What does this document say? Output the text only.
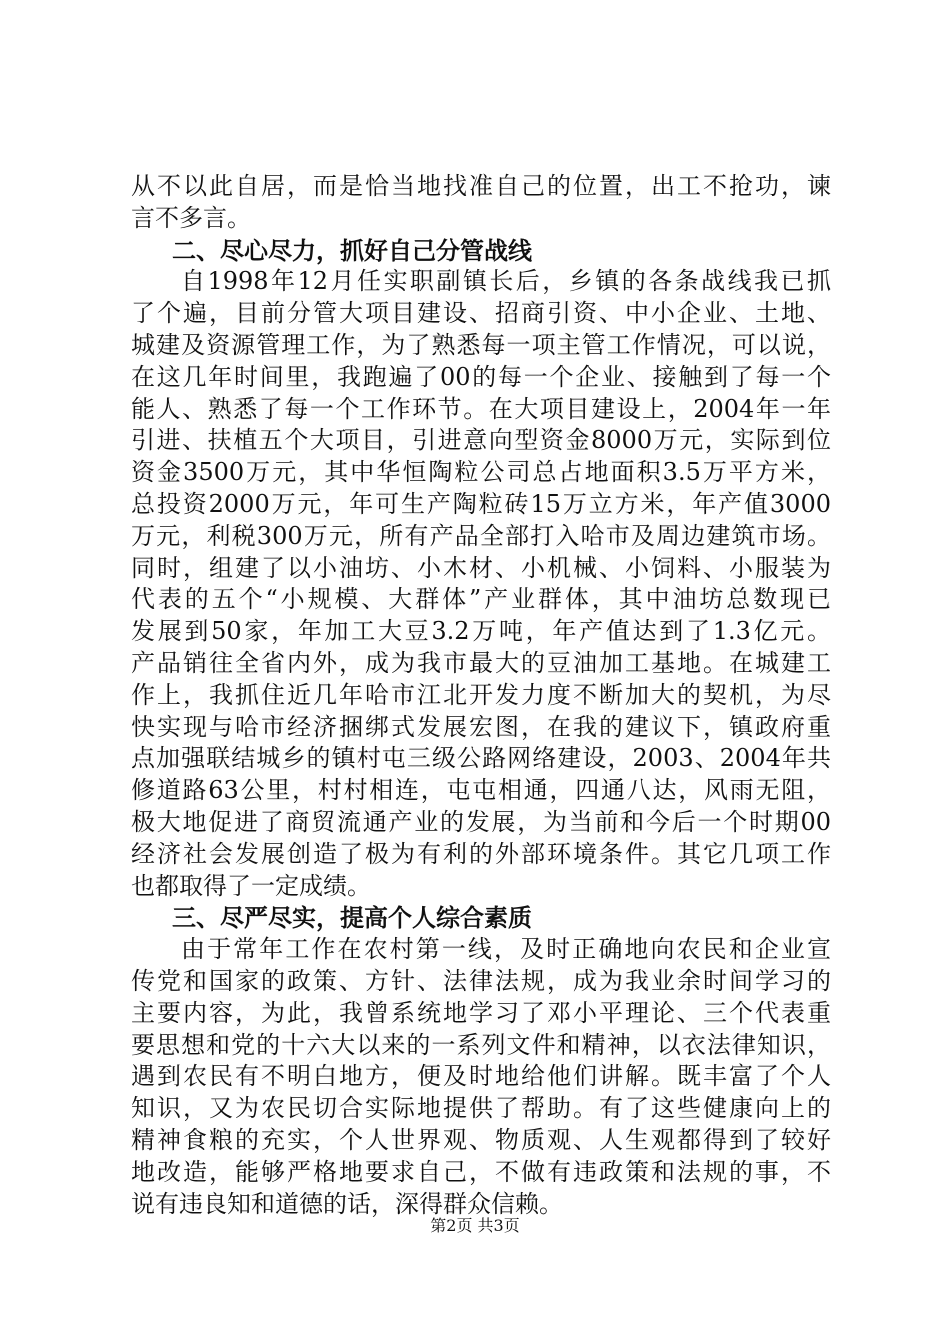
从不以此自居，而是恰当地找准自己的位置，出工不抢功，谏
言不多言。
二、尽心尽力，抓好自己分管战线
自1998年12月任实职副镇长后，乡镇的各条战线我已抓
了个遍，目前分管大项目建设、招商引资、中小企业、土地、
城建及资源管理工作，为了熟悉每一项主管工作情况，可以说，
在这几年时间里，我跑遍了00的每一个企业、接触到了每一个
能人、熟悉了每一个工作环节。在大项目建设上，2004年一年
引进、扶植五个大项目，引进意向型资金8000万元，实际到位
资金3500万元，其中华恒陶粒公司总占地面积3.5万平方米，
总投资2000万元，年可生产陶粒砖15万立方米，年产值3000
万元，利税300万元，所有产品全部打入哈市及周边建筑市场。
同时，组建了以小油坊、小木材、小机械、小饲料、小服装为
代表的五个“小规模、大群体”产业群体，其中油坊总数现已
发展到50家，年加工大豆3.2万吨，年产值达到了1.3亿元。
产品销往全省内外，成为我市最大的豆油加工基地。在城建工
作上，我抓住近几年哈市江北开发力度不断加大的契机，为尽
快实现与哈市经济捆绑式发展宏图，在我的建议下，镇政府重
点加强联结城乡的镇村屯三级公路网络建设，2003、2004年共
修道路63公里，村村相连，屯屯相通，四通八达，风雨无阻，
极大地促进了商贸流通产业的发展，为当前和今后一个时期00
经济社会发展创造了极为有利的外部环境条件。其它几项工作
也都取得了一定成绩。
三、尽严尽实，提高个人综合素质
由于常年工作在农村第一线，及时正确地向农民和企业宣
传党和国家的政策、方针、法律法规，成为我业余时间学习的
主要内容，为此，我曾系统地学习了邓小平理论、三个代表重
要思想和党的十六大以来的一系列文件和精神，以衣法律知识，
遇到农民有不明白地方，便及时地给他们讲解。既丰富了个人
知识，又为农民切合实际地提供了帮助。有了这些健康向上的
精神食粮的充实，个人世界观、物质观、人生观都得到了较好
地改造，能够严格地要求自己，不做有违政策和法规的事，不
说有违良知和道德的话，深得群众信赖。
第2页 共3页
